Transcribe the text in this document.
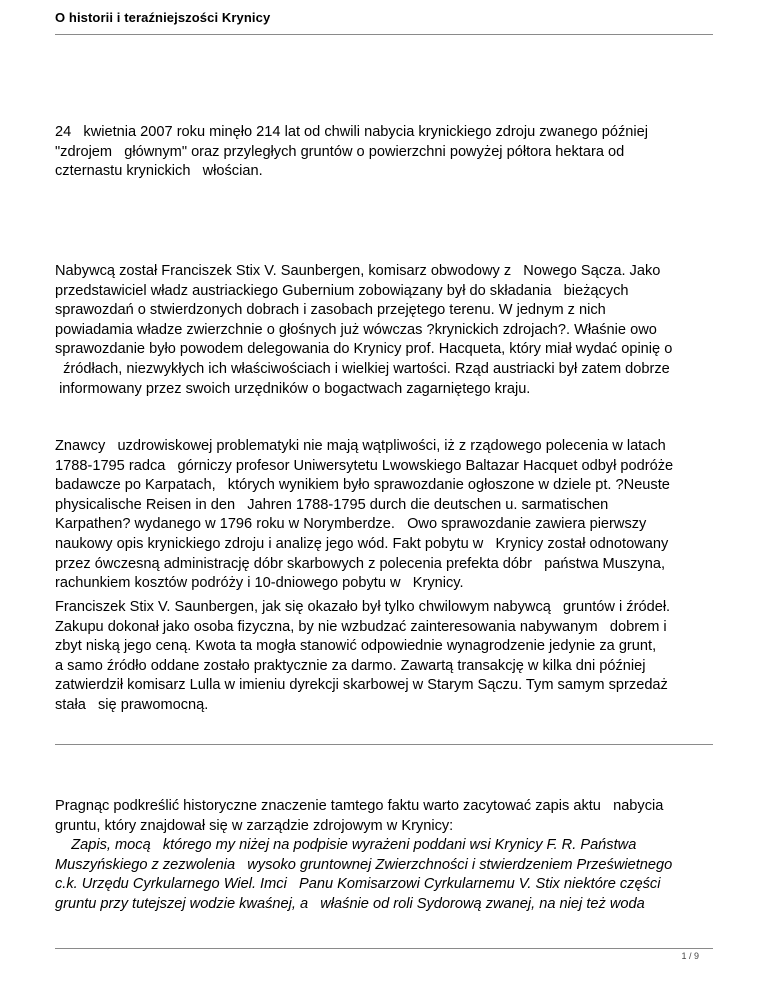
O historii i teraźniejszości Krynicy

24   kwietnia 2007 roku minęło 214 lat od chwili nabycia krynickiego zdroju zwanego później
"zdrojem   głównym" oraz przyległych gruntów o powierzchni powyżej półtora hektara od
czternastu krynickich   włościan.

Nabywcą został Franciszek Stix V. Saunbergen, komisarz obwodowy z   Nowego Sącza. Jako
przedstawiciel władz austriackiego Gubernium zobowiązany był do składania   bieżących
sprawozdań o stwierdzonych dobrach i zasobach przejętego terenu. W jednym z nich
powiadamia władze zwierzchnie o głośnych już wówczas ?krynickich zdrojach?. Właśnie owo
sprawozdanie było powodem delegowania do Krynicy prof. Hacqueta, który miał wydać opinię o
źródłach, niezwykłych ich właściwościach i wielkiej wartości. Rząd austriacki był zatem dobrze
informowany przez swoich urzędników o bogactwach zagarniętego kraju.

Znawcy   uzdrowiskowej problematyki nie mają wątpliwości, iż z rządowego polecenia w latach
1788-1795 radca   górniczy profesor Uniwersytetu Lwowskiego Baltazar Hacquet odbył podróże
badawcze po Karpatach,   których wynikiem było sprawozdanie ogłoszone w dziele pt. ?Neuste
physicalische Reisen in den   Jahren 1788-1795 durch die deutschen u. sarmatischen
Karpathen? wydanego w 1796 roku w Norymberdze.   Owo sprawozdanie zawiera pierwszy
naukowy opis krynickiego zdroju i analizę jego wód. Fakt pobytu w   Krynicy został odnotowany
przez ówczesną administrację dóbr skarbowych z polecenia prefekta dóbr   państwa Muszyna,
rachunkiem kosztów podróży i 10-dniowego pobytu w   Krynicy.

Franciszek Stix V. Saunbergen, jak się okazało był tylko chwilowym nabywcą   gruntów i źródeł.
Zakupu dokonał jako osoba fizyczna, by nie wzbudzać zainteresowania nabywanym   dobrem i
zbyt niską jego ceną. Kwota ta mogła stanowić odpowiednie wynagrodzenie jedynie za grunt,
a samo źródło oddane zostało praktycznie za darmo. Zawartą transakcję w kilka dni później
zatwierdził komisarz Lulla w imieniu dyrekcji skarbowej w Starym Sączu. Tym samym sprzedaż
stała   się prawomocną.

Pragnąc podkreślić historyczne znaczenie tamtego faktu warto zacytować zapis aktu   nabycia
gruntu, który znajdował się w zarządzie zdrojowym w Krynicy:
Zapis, mocą   którego my niżej na podpisie wyrażeni poddani wsi Krynicy F. R. Państwa
Muszyńskiego z zezwolenia   wysoko gruntownej Zwierzchności i stwierdzeniem Prześwietnego
c.k. Urzędu Cyrkularnego Wiel. Imci   Panu Komisarzowi Cyrkularnemu V. Stix niektóre części
gruntu przy tutejszej wodzie kwaśnej, a   właśnie od roli Sydorową zwanej, na niej też woda
1 / 9
